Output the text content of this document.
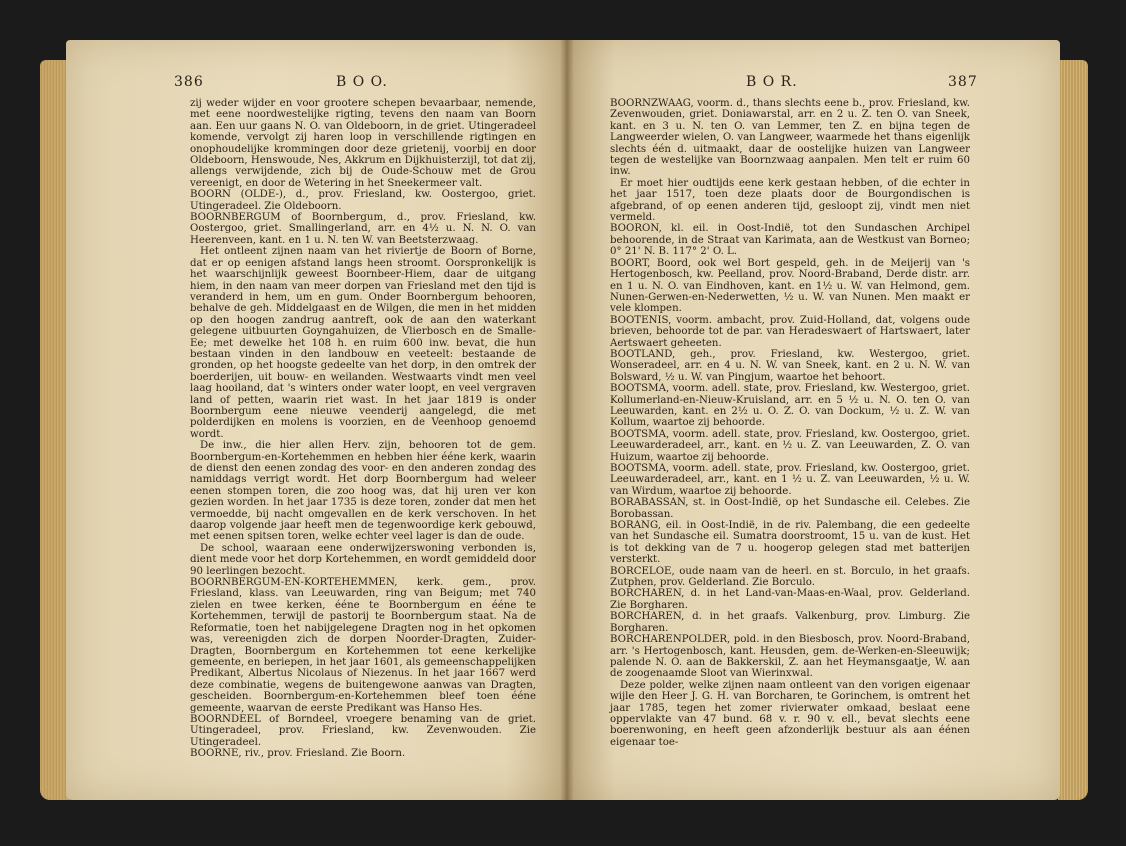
386	B O O.

zij weder wijder en voor grootere schepen bevaarbaar, nemende, met eene noordwestelijke rigting, tevens den naam van Boorn aan. Een uur gaans N. O. van Oldeboorn, in de griet. Utingeradeel komende, vervolgt zij haren loop in verschillende rigtingen en onophoudelijke krommingen door deze grietenij, voorbij en door Oldeboorn, Henswoude, Nes, Akkrum en Dijkhuisterzijl, tot dat zij, allengs verwijdende, zich bij de Oude-Schouw met de Grou vereenigt, en door de Wetering in het Sneekermeer valt.

BOORN (OLDE-), d., prov. Friesland, kw. Oostergoo, griet. Utingeradeel. Zie Oldeboorn.

BOORNBERGUM of Boornbergum, d., prov. Friesland, kw. Oostergoo, griet. Smallingerland, arr. en 4½ u. N. N. O. van Heerenveen, kant. en 1 u. N. ten W. van Beetsterzwaag.

Het ontleent zijnen naam van het riviertje de Boorn of Borne, dat er op eenigen afstand langs heen stroomt. Oorspronkelijk is het waarschijnlijk geweest Boornbeer-Hiem, daar de uitgang hiem, in den naam van meer dorpen van Friesland met den tijd is veranderd in hem, um en gum. Onder Boornbergum behooren, behalve de geh. Middelgaast en de Wilgen, die men in het midden op den hoogen zandrug aantreft, ook de aan den waterkant gelegene uitbuurten Goyngahuizen, de Vlierbosch en de Smalle-Ee; met dewelke het 108 h. en ruim 600 inw. bevat, die hun bestaan vinden in den landbouw en veeteelt: bestaande de gronden, op het hoogste gedeelte van het dorp, in den omtrek der boerderijen, uit bouw- en weilanden. Westwaarts vindt men veel laag hooiland, dat 's winters onder water loopt, en veel vergraven land of petten, waarin riet wast. In het jaar 1819 is onder Boornbergum eene nieuwe veenderij aangelegd, die met polderdijken en molens is voorzien, en de Veenhoop genoemd wordt.

De inw., die hier allen Herv. zijn, behooren tot de gem. Boornbergum-en-Kortehemmen en hebben hier ééne kerk, waarin de dienst den eenen zondag des voor- en den anderen zondag des namiddags verrigt wordt. Het dorp Boornbergum had weleer eenen stompen toren, die zoo hoog was, dat hij uren ver kon gezien worden. In het jaar 1735 is deze toren, zonder dat men het vermoedde, bij nacht omgevallen en de kerk verschoven. In het daarop volgende jaar heeft men de tegenwoordige kerk gebouwd, met eenen spitsen toren, welke echter veel lager is dan de oude.

De school, waaraan eene onderwijzerswoning verbonden is, dient mede voor het dorp Kortehemmen, en wordt gemiddeld door 90 leerlingen bezocht.

BOORNBERGUM-EN-KORTEHEMMEN, kerk. gem., prov. Friesland, klass. van Leeuwarden, ring van Beigum; met 740 zielen en twee kerken, ééne te Boornbergum en ééne te Kortehemmen, terwijl de pastorij te Boornbergum staat. Na de Reformatie, toen het nabijgelegene Dragten nog in het opkomen was, vereenigden zich de dorpen Noorder-Dragten, Zuider-Dragten, Boornbergum en Kortehemmen tot eene kerkelijke gemeente, en beriepen, in het jaar 1601, als gemeenschappelijken Predikant, Albertus Nicolaus of Niezenus. In het jaar 1667 werd deze combinatie, wegens de buitengewone aanwas van Dragten, gescheiden. Boornbergum-en-Kortehemmen bleef toen ééne gemeente, waarvan de eerste Predikant was Hanso Hes.

BOORNDEEL of Borndeel, vroegere benaming van de griet. Utingeradeel, prov. Friesland, kw. Zevenwouden. Zie Utingeradeel.

BOORNE, riv., prov. Friesland. Zie Boorn.

B O R.	387

BOORNZWAAG, voorm. d., thans slechts eene b., prov. Friesland, kw. Zevenwouden, griet. Doniawarstal, arr. en 2 u. Z. ten O. van Sneek, kant. en 3 u. N. ten O. van Lemmer, ten Z. en bijna tegen de Langweerder wielen, O. van Langweer, waarmede het thans eigenlijk slechts één d. uitmaakt, daar de oostelijke huizen van Langweer tegen de westelijke van Boornzwaag aanpalen. Men telt er ruim 60 inw.

Er moet hier oudtijds eene kerk gestaan hebben, of die echter in het jaar 1517, toen deze plaats door de Bourgondischen is afgebrand, of op eenen anderen tijd, gesloopt zij, vindt men niet vermeld.

BOORON, kl. eil. in Oost-Indië, tot den Sundaschen Archipel behoorende, in de Straat van Karimata, aan de Westkust van Borneo; 0° 21' N. B. 117° 2' O. L.

BOORT, Boord, ook wel Bort gespeld, geh. in de Meijerij van 's Hertogenbosch, kw. Peelland, prov. Noord-Braband, Derde distr. arr. en 1 u. N. O. van Eindhoven, kant. en 1½ u. W. van Helmond, gem. Nunen-Gerwen-en-Nederwetten, ½ u. W. van Nunen. Men maakt er vele klompen.

BOOTENIS, voorm. ambacht, prov. Zuid-Holland, dat, volgens oude brieven, behoorde tot de par. van Heradeswaert of Hartswaert, later Aertswaert geheeten.

BOOTLAND, geh., prov. Friesland, kw. Westergoo, griet. Wonseradeel, arr. en 4 u. N. W. van Sneek, kant. en 2 u. N. W. van Bolsward, ½ u. W. van Pingjum, waartoe het behoort.

BOOTSMA, voorm. adell. state, prov. Friesland, kw. Westergoo, griet. Kollumerland-en-Nieuw-Kruisland, arr. en 5 ½ u. N. O. ten O. van Leeuwarden, kant. en 2½ u. O. Z. O. van Dockum, ½ u. Z. W. van Kollum, waartoe zij behoorde.

BOOTSMA, voorm. adell. state, prov. Friesland, kw. Oostergoo, griet. Leeuwarderadeel, arr., kant. en ½ u. Z. van Leeuwarden, Z. O. van Huizum, waartoe zij behoorde.

BOOTSMA, voorm. adell. state, prov. Friesland, kw. Oostergoo, griet. Leeuwarderadeel, arr., kant. en 1 ½ u. Z. van Leeuwarden, ½ u. W. van Wirdum, waartoe zij behoorde.

BORABASSAN, st. in Oost-Indië, op het Sundasche eil. Celebes. Zie Borobassan.

BORANG, eil. in Oost-Indië, in de riv. Palembang, die een gedeelte van het Sundasche eil. Sumatra doorstroomt, 15 u. van de kust. Het is tot dekking van de 7 u. hoogerop gelegen stad met batterijen versterkt.

BORCELOE, oude naam van de heerl. en st. Borculo, in het graafs. Zutphen, prov. Gelderland. Zie Borculo.

BORCHAREN, d. in het Land-van-Maas-en-Waal, prov. Gelderland. Zie Borgharen.

BORCHAREN, d. in het graafs. Valkenburg, prov. Limburg. Zie Borgharen.

BORCHARENPOLDER, pold. in den Biesbosch, prov. Noord-Braband, arr. 's Hertogenbosch, kant. Heusden, gem. de-Werken-en-Sleeuwijk; palende N. O. aan de Bakkerskil, Z. aan het Heymansgaatje, W. aan de zoogenaamde Sloot van Wierinxwal.

Deze polder, welke zijnen naam ontleent van den vorigen eigenaar wijle den Heer J. G. H. van Borcharen, te Gorinchem, is omtrent het jaar 1785, tegen het zomer rivierwater omkaad, beslaat eene oppervlakte van 47 bund. 68 v. r. 90 v. ell., bevat slechts eene boerenwoning, en heeft geen afzonderlijk bestuur als aan éénen eigenaar toe-
